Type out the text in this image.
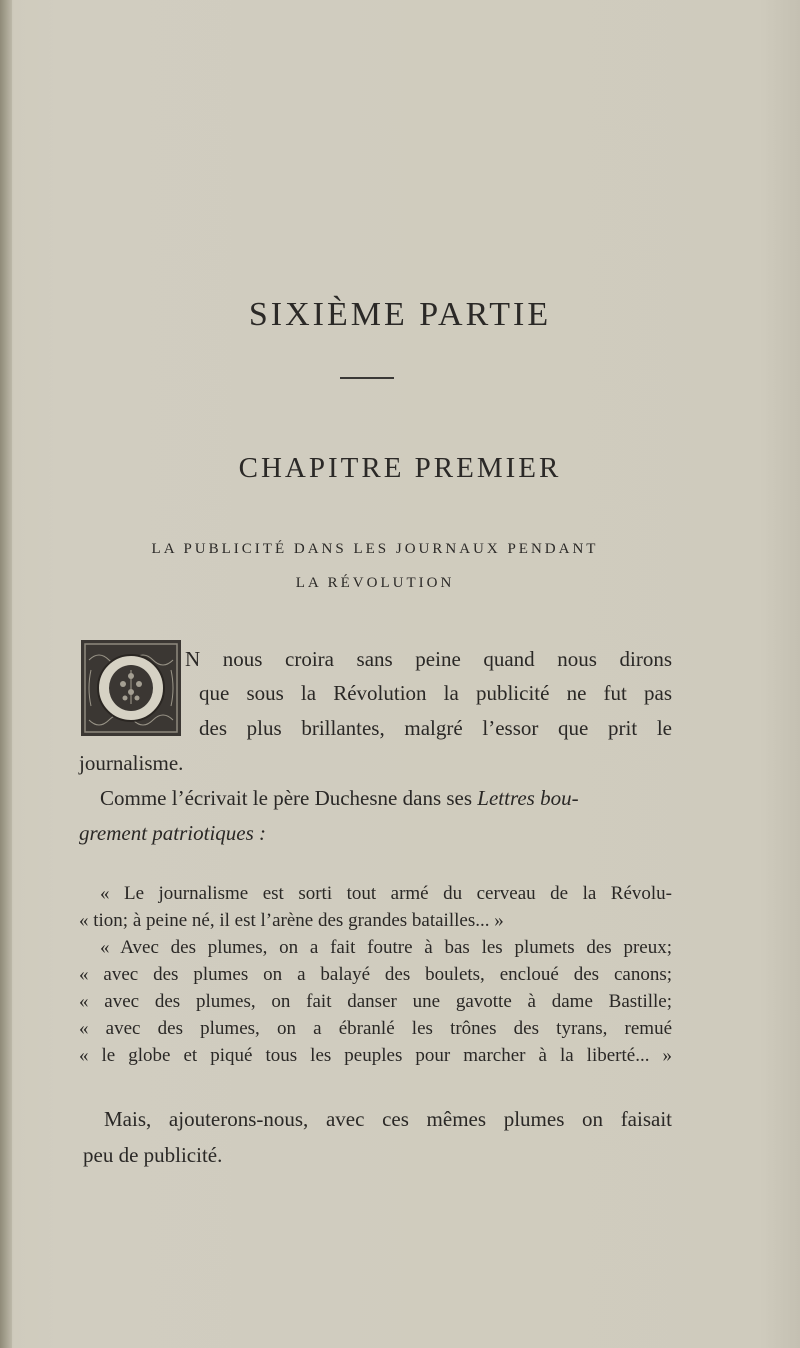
SIXIÈME PARTIE
CHAPITRE PREMIER
LA PUBLICITÉ DANS LES JOURNAUX PENDANT
LA RÉVOLUTION
N nous croira sans peine quand nous dirons
que sous la Révolution la publicité ne fut pas
des plus brillantes, malgré l’essor que prit le
journalisme.
Comme l’écrivait le père Duchesne dans ses Lettres bou-
grement patriotiques :
« Le journalisme est sorti tout armé du cerveau de la Révolu-
« tion; à peine né, il est l’arène des grandes batailles... »
« Avec des plumes, on a fait foutre à bas les plumets des preux;
« avec des plumes on a balayé des boulets, encloué des canons;
« avec des plumes, on fait danser une gavotte à dame Bastille;
« avec des plumes, on a ébranlé les trônes des tyrans, remué
« le globe et piqué tous les peuples pour marcher à la liberté... »
Mais, ajouterons-nous, avec ces mêmes plumes on faisait
peu de publicité.
